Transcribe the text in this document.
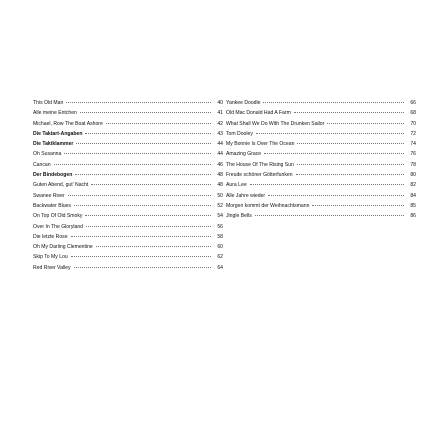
This Old Man	40
Alle meine Entchen	41
Michael, Row The Boat Ashore	42
Die Taktart-Angaben	43
Die Taktklammer	44
Oh Susanna	44
Cancan	46
Der Bindebogen	48
Guten Abend, gut' Nacht	48
Swanee River	50
Backwater Blues	52
On Top Of Old Smoky	54
Over In The Gloryland	56
Die letzte Rose	58
Oh My Darling Clementine	60
Skip To My Lou	62
Red River Valley	64
Yankee Doodle	66
Old Mac Donald Had A Farm	68
What Shall We Do With The Drunken Sailor	70
Tom Dooley	72
My Bonnie Is Over The Ocean	74
Amazing Grace	76
The House Of The Rising Sun	78
Freude schöner Götterfunken	80
Aura Lee	82
Alle Jahre wieder	84
Morgen kommt der Weihnachtsmann	85
Jingle Bells	86
